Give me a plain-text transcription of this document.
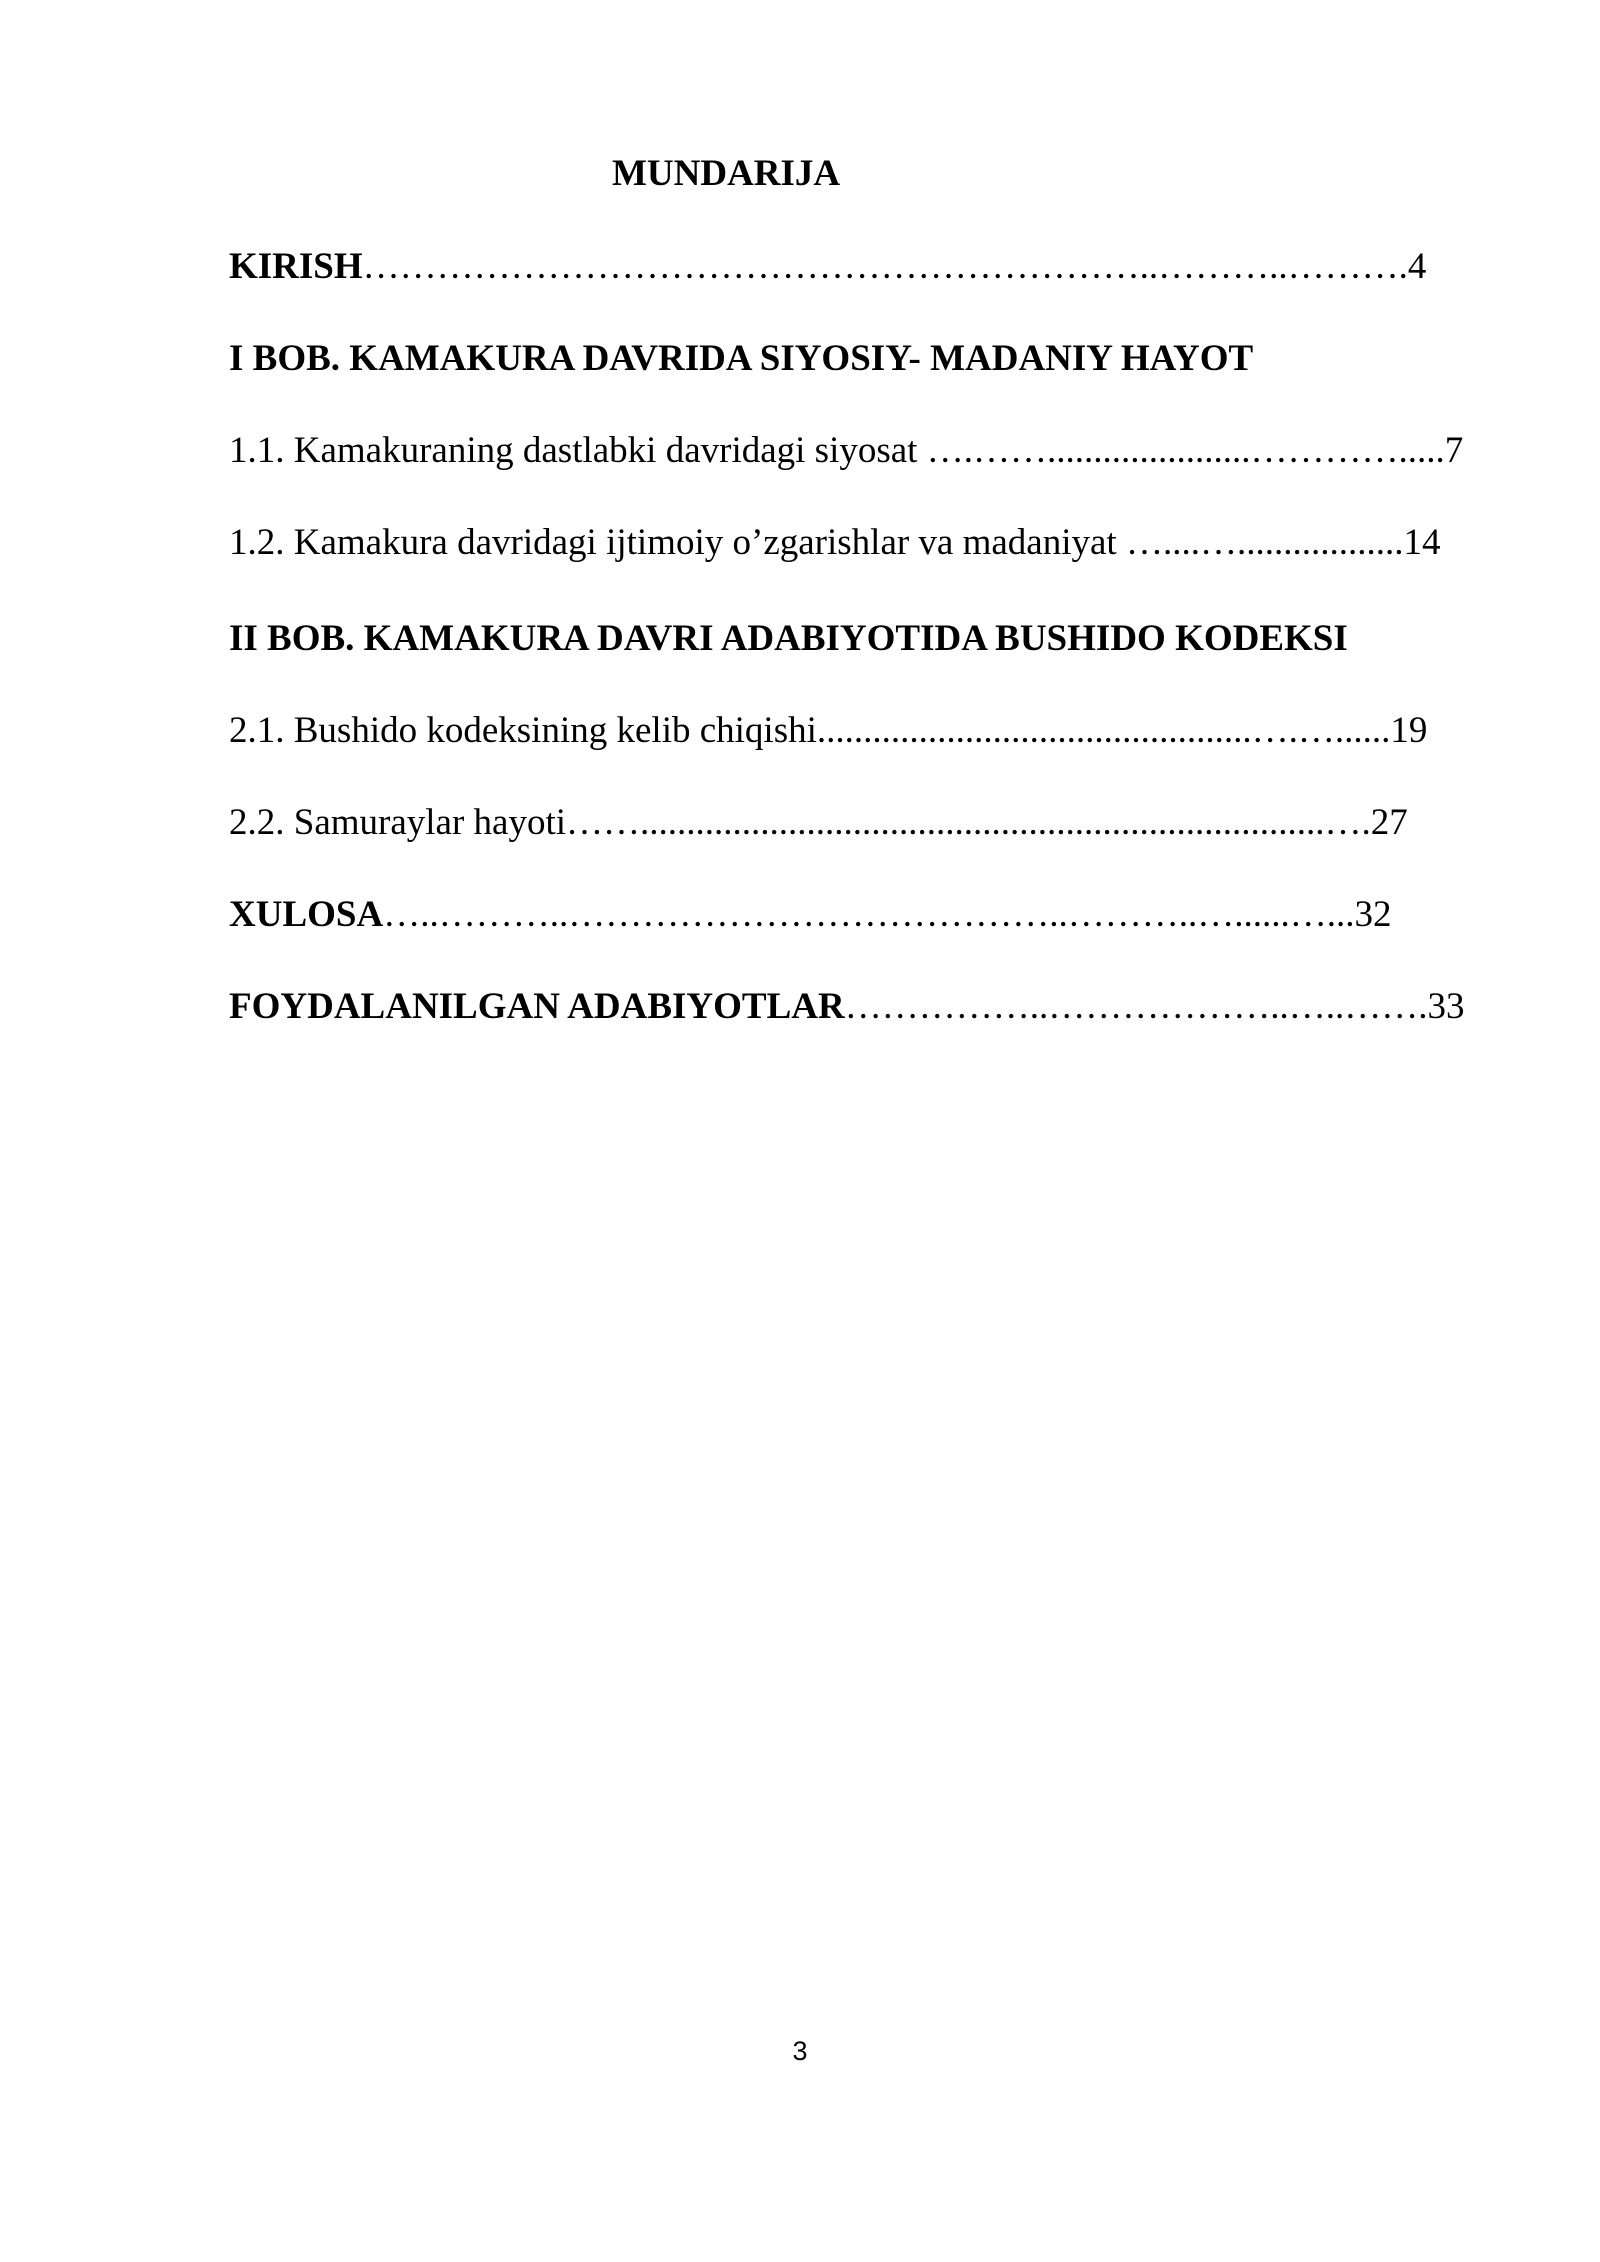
MUNDARIJA
KIRISH………………………………………………………..………..……….4
I BOB. KAMAKURA DAVRIDA SIYOSIY- MADANIY HAYOT
1.1. Kamakuraning dastlabki davridagi siyosat ….……......................………….....7
1.2. Kamakura davridagi ijtimoiy o’zgarishlar va madaniyat …....…..................14
II BOB. KAMAKURA DAVRI ADABIYOTIDA BUSHIDO KODEKSI
2.1. Bushido kodeksining kelib chiqishi...............................................….…......19
2.2. Samuraylar hayoti……..........................................................................….27
XULOSA…..………..…………………………………..………..…......…...32
FOYDALANILGAN ADABIYOTLAR……………..………………..…..…….33
3
